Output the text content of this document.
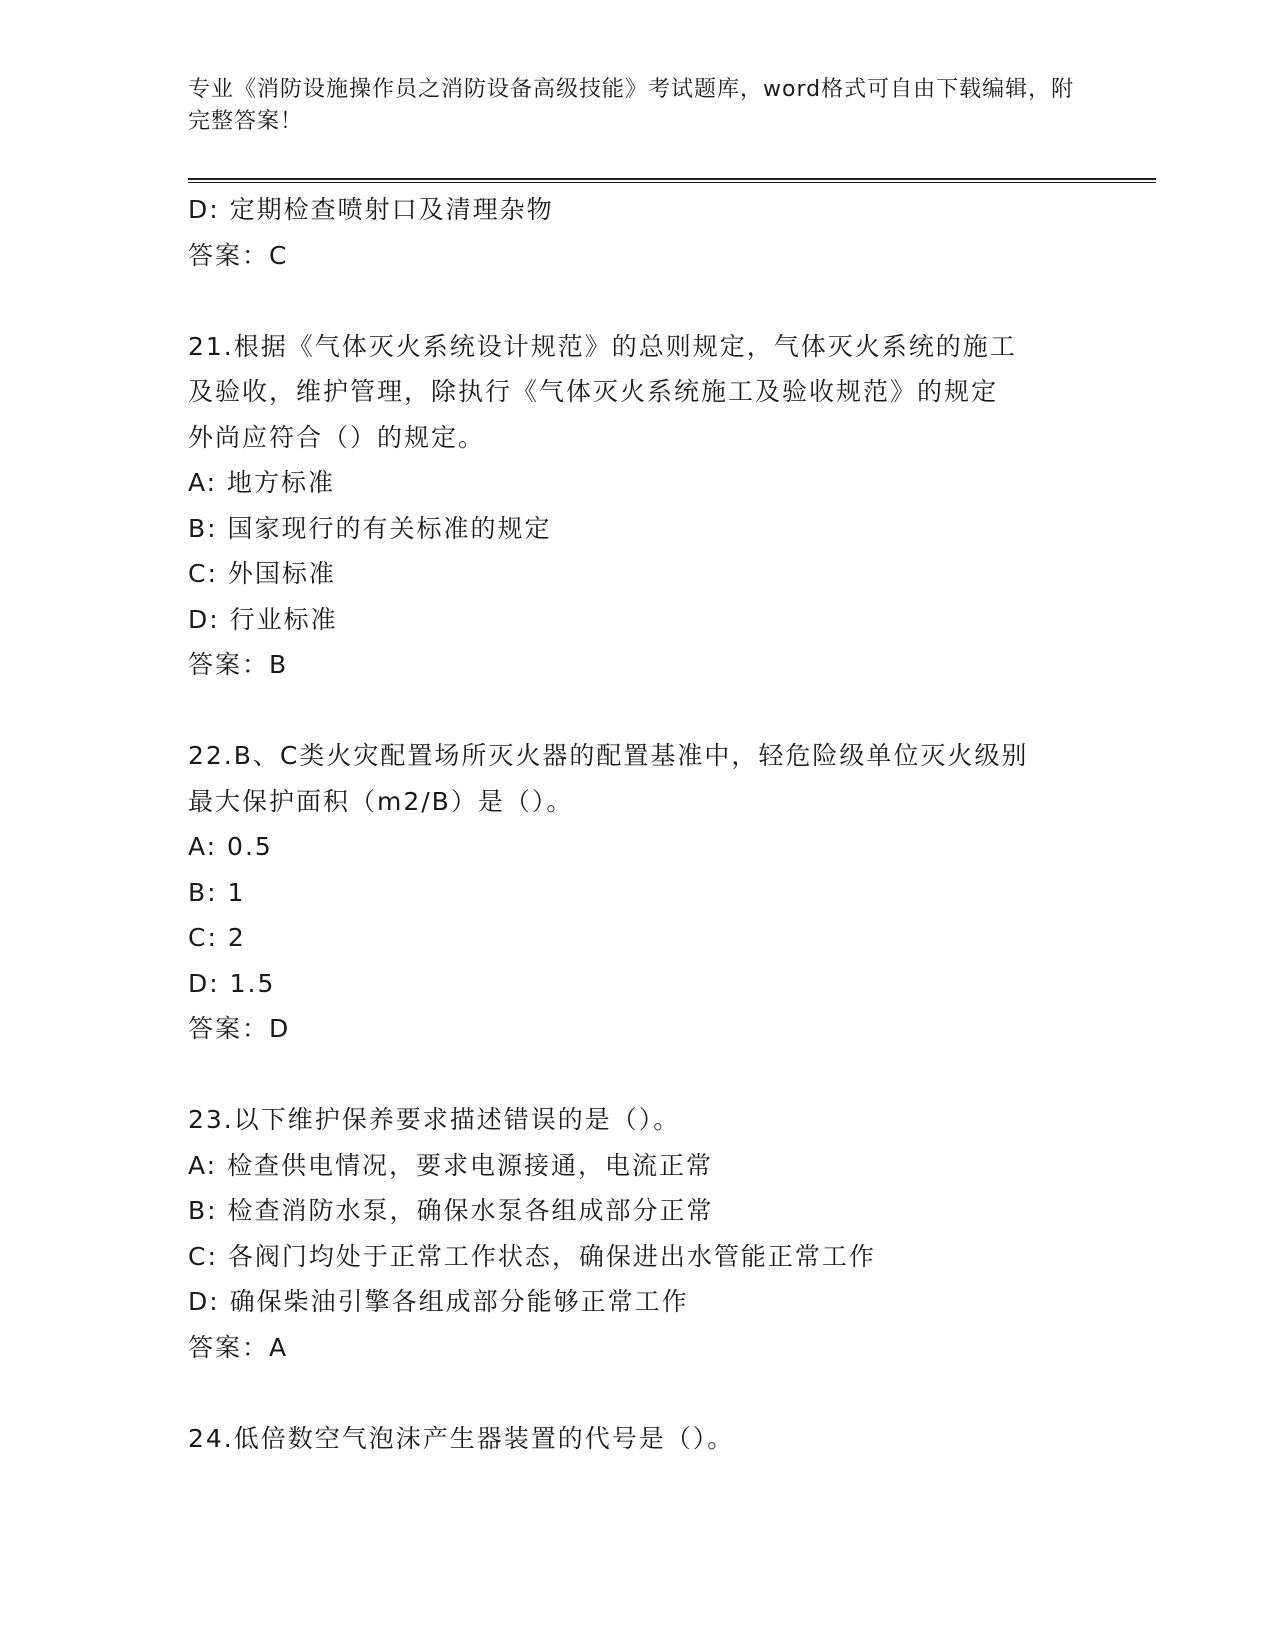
专业《消防设施操作员之消防设备高级技能》考试题库，word格式可自由下载编辑，附完整答案！
D: 定期检查喷射口及清理杂物
答案：C
21.根据《气体灭火系统设计规范》的总则规定，气体灭火系统的施工
及验收，维护管理，除执行《气体灭火系统施工及验收规范》的规定
外尚应符合（）的规定。
A: 地方标准
B: 国家现行的有关标准的规定
C: 外国标准
D: 行业标准
答案：B
22.B、C类火灾配置场所灭火器的配置基准中，轻危险级单位灭火级别
最大保护面积（m2/B）是（）。
A: 0.5
B: 1
C: 2
D: 1.5
答案：D
23.以下维护保养要求描述错误的是（）。
A: 检查供电情况，要求电源接通，电流正常
B: 检查消防水泵，确保水泵各组成部分正常
C: 各阀门均处于正常工作状态，确保进出水管能正常工作
D: 确保柴油引擎各组成部分能够正常工作
答案：A
24.低倍数空气泡沫产生器装置的代号是（）。
